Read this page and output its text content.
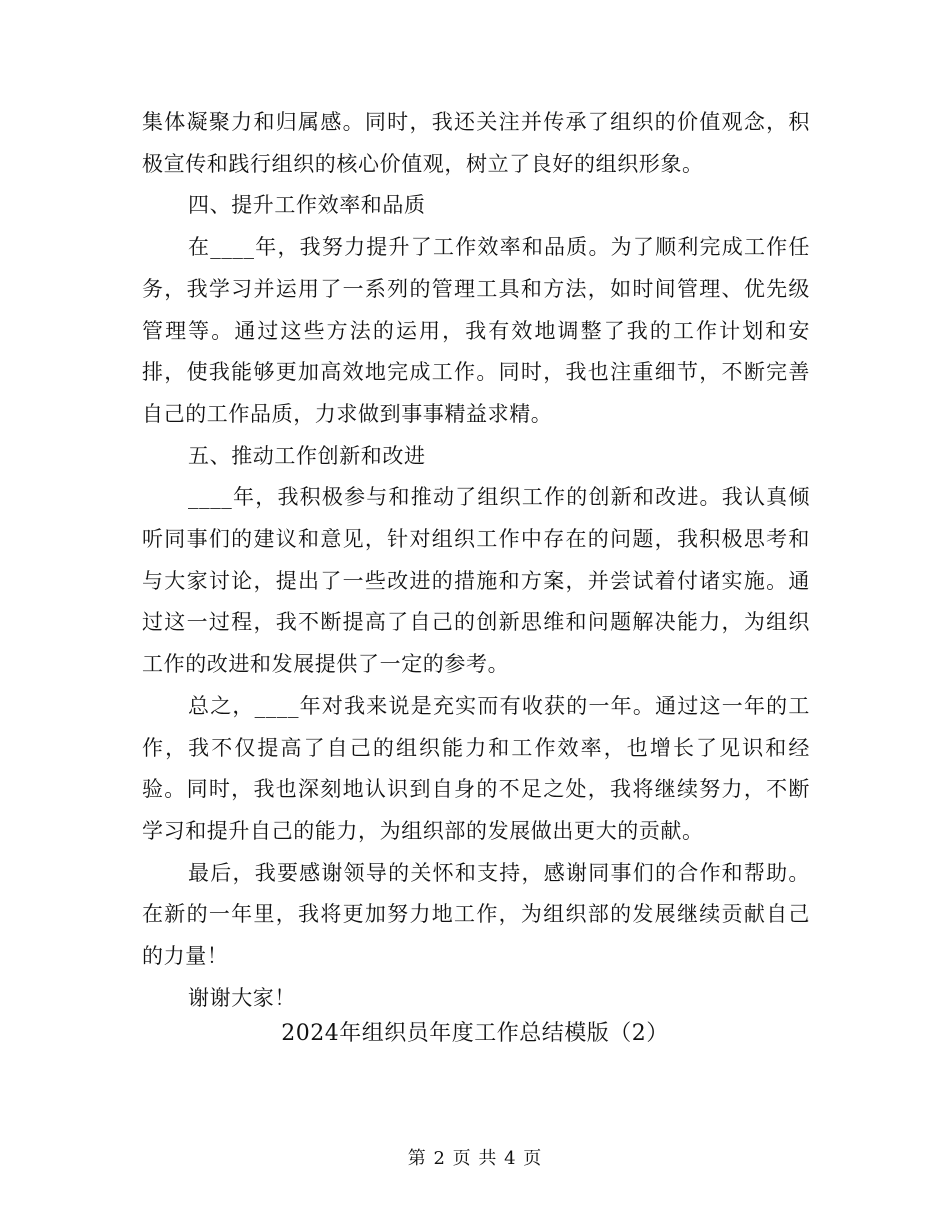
集体凝聚力和归属感。同时，我还关注并传承了组织的价值观念，积极宣传和践行组织的核心价值观，树立了良好的组织形象。

四、提升工作效率和品质

在____年，我努力提升了工作效率和品质。为了顺利完成工作任务，我学习并运用了一系列的管理工具和方法，如时间管理、优先级管理等。通过这些方法的运用，我有效地调整了我的工作计划和安排，使我能够更加高效地完成工作。同时，我也注重细节，不断完善自己的工作品质，力求做到事事精益求精。

五、推动工作创新和改进

____年，我积极参与和推动了组织工作的创新和改进。我认真倾听同事们的建议和意见，针对组织工作中存在的问题，我积极思考和与大家讨论，提出了一些改进的措施和方案，并尝试着付诸实施。通过这一过程，我不断提高了自己的创新思维和问题解决能力，为组织工作的改进和发展提供了一定的参考。

总之，____年对我来说是充实而有收获的一年。通过这一年的工作，我不仅提高了自己的组织能力和工作效率，也增长了见识和经验。同时，我也深刻地认识到自身的不足之处，我将继续努力，不断学习和提升自己的能力，为组织部的发展做出更大的贡献。

最后，我要感谢领导的关怀和支持，感谢同事们的合作和帮助。在新的一年里，我将更加努力地工作，为组织部的发展继续贡献自己的力量！

谢谢大家！

2024年组织员年度工作总结模版（2）
第 2 页 共 4 页
